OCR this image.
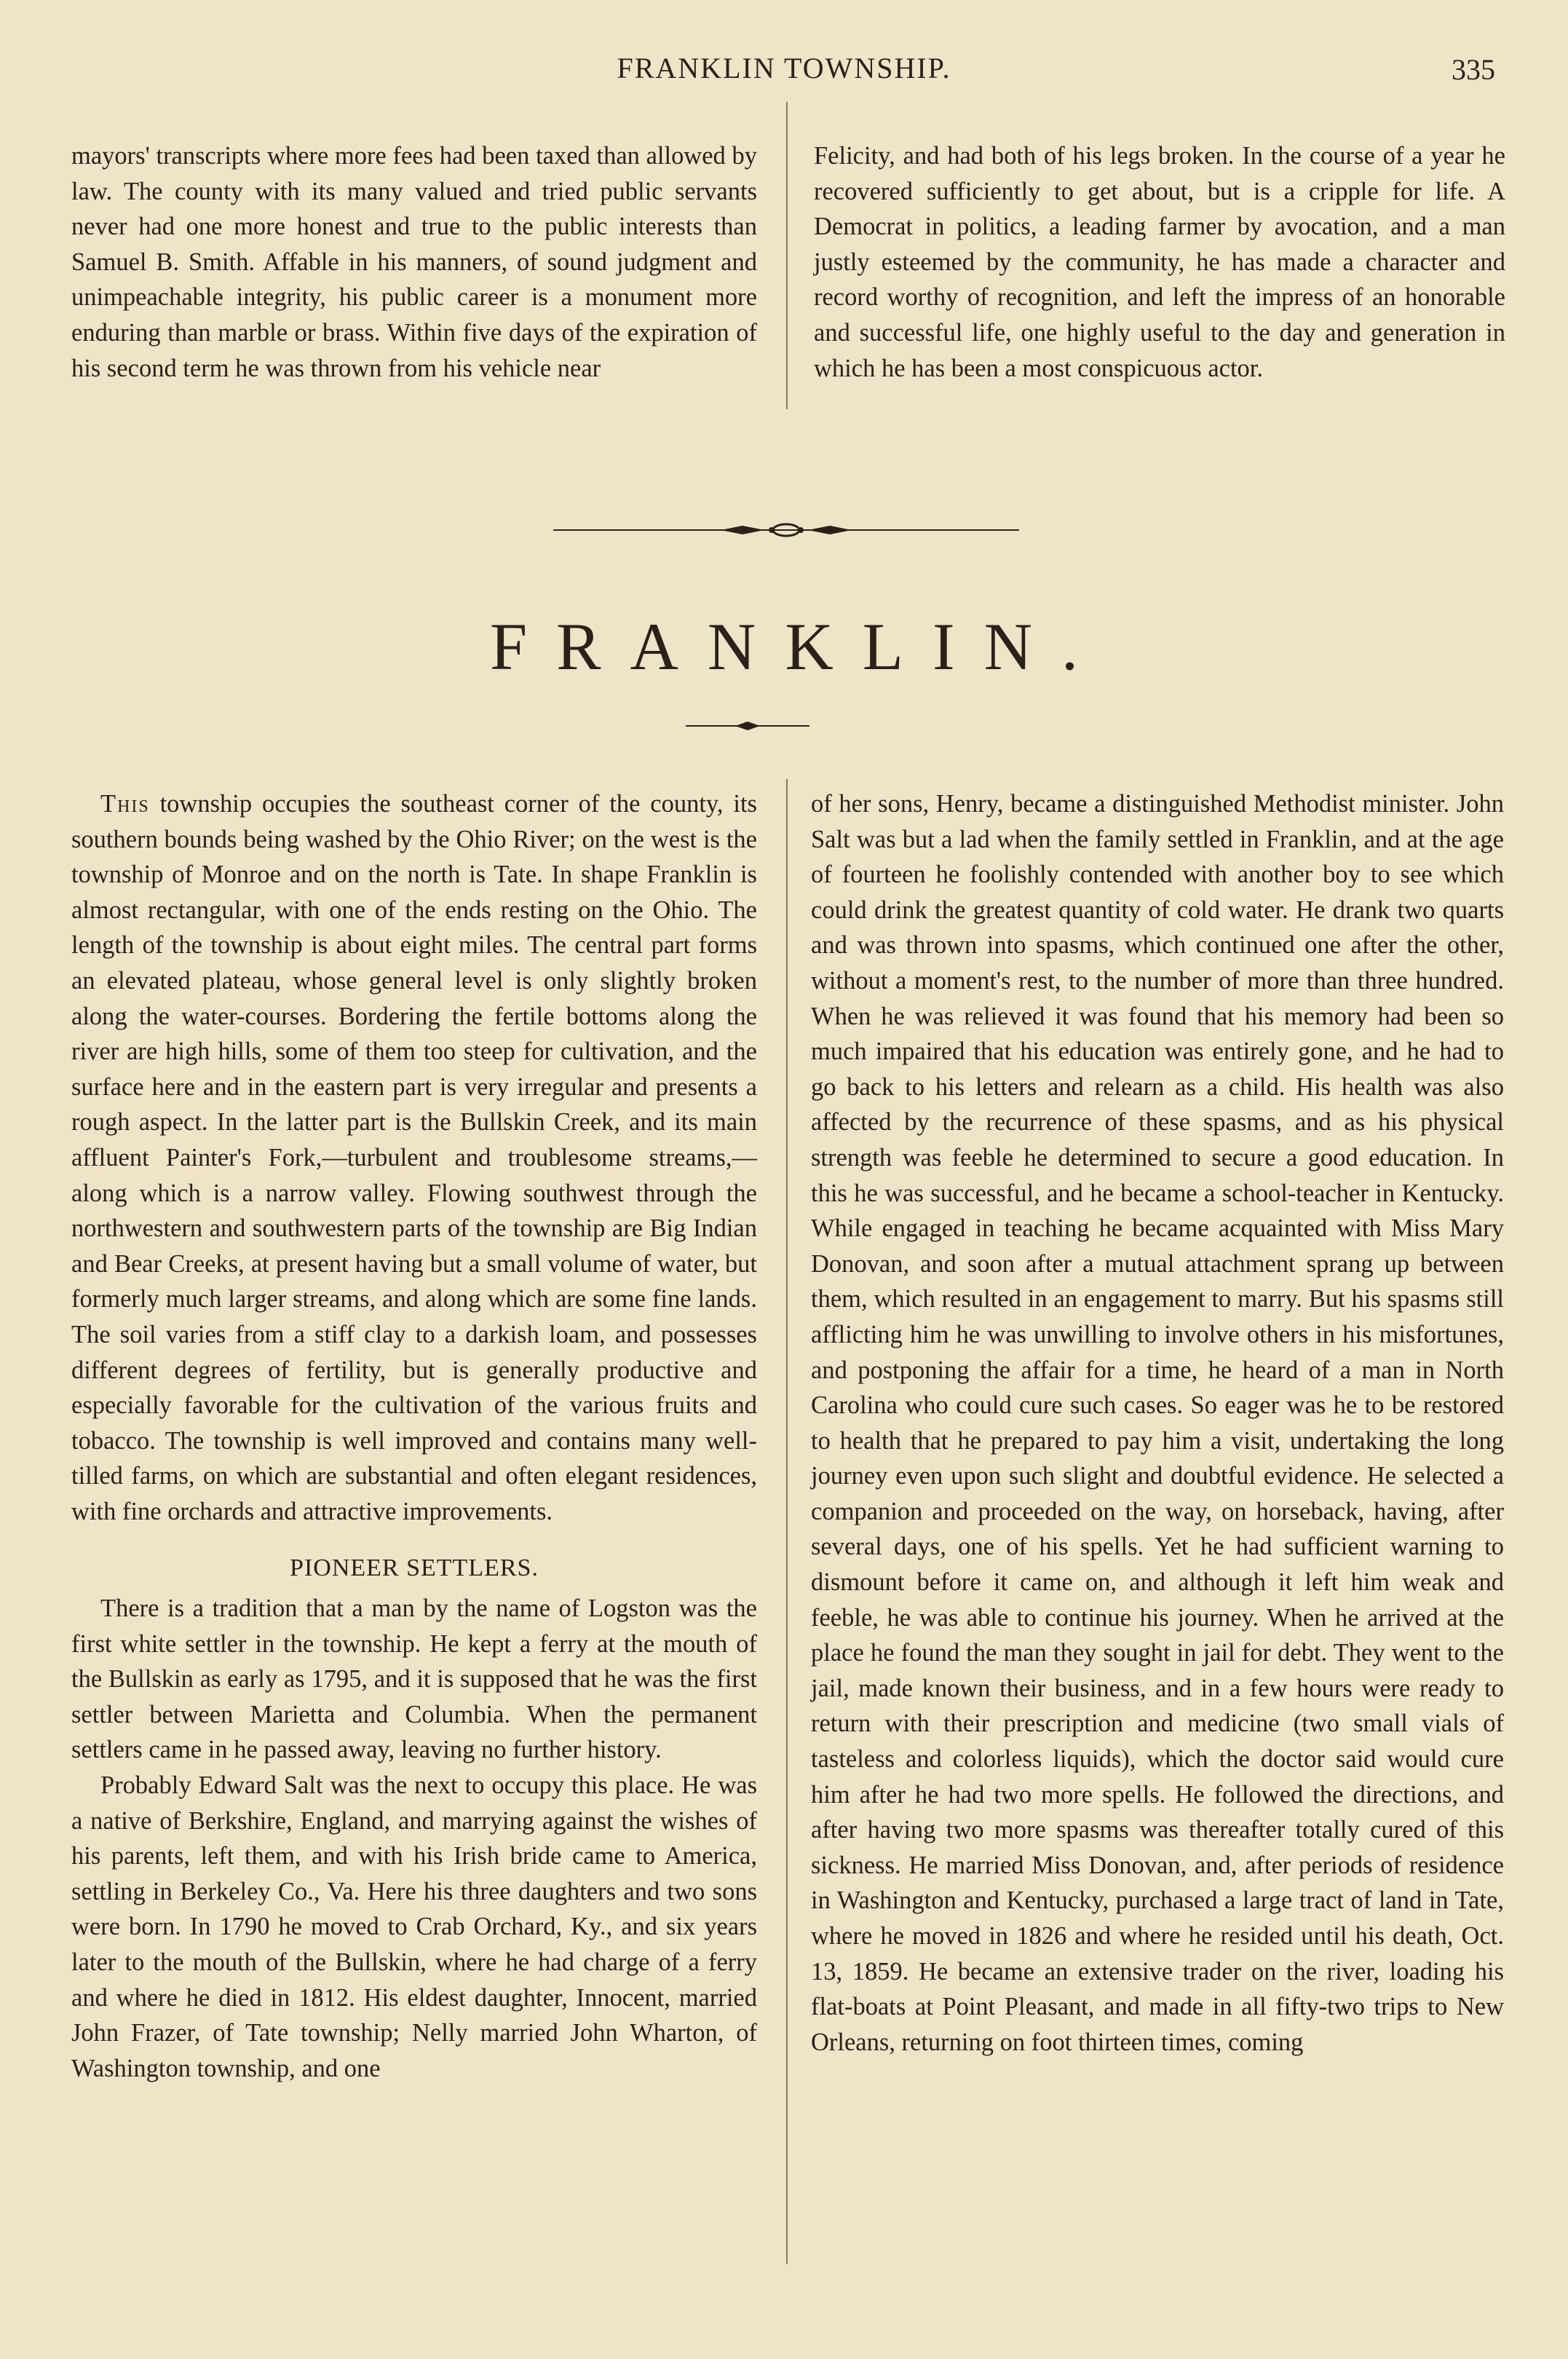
FRANKLIN TOWNSHIP.	335

mayors' transcripts where more fees had been taxed than allowed by law. The county with its many valued and tried public servants never had one more honest and true to the public interests than Samuel B. Smith. Affable in his manners, of sound judgment and unimpeachable integrity, his public career is a monument more enduring than marble or brass. Within five days of the expiration of his second term he was thrown from his vehicle near

Felicity, and had both of his legs broken. In the course of a year he recovered sufficiently to get about, but is a cripple for life. A Democrat in politics, a leading farmer by avocation, and a man justly esteemed by the community, he has made a character and record worthy of recognition, and left the impress of an honorable and successful life, one highly useful to the day and generation in which he has been a most conspicuous actor.

FRANKLIN.

This township occupies the southeast corner of the county, its southern bounds being washed by the Ohio River; on the west is the township of Monroe and on the north is Tate. In shape Franklin is almost rectangular, with one of the ends resting on the Ohio. The length of the township is about eight miles. The central part forms an elevated plateau, whose general level is only slightly broken along the water-courses. Bordering the fertile bottoms along the river are high hills, some of them too steep for cultivation, and the surface here and in the eastern part is very irregular and presents a rough aspect. In the latter part is the Bullskin Creek, and its main affluent Painter's Fork,—turbulent and troublesome streams,—along which is a narrow valley. Flowing southwest through the northwestern and southwestern parts of the township are Big Indian and Bear Creeks, at present having but a small volume of water, but formerly much larger streams, and along which are some fine lands. The soil varies from a stiff clay to a darkish loam, and possesses different degrees of fertility, but is generally productive and especially favorable for the cultivation of the various fruits and tobacco. The township is well improved and contains many well-tilled farms, on which are substantial and often elegant residences, with fine orchards and attractive improvements.

PIONEER SETTLERS.

There is a tradition that a man by the name of Logston was the first white settler in the township. He kept a ferry at the mouth of the Bullskin as early as 1795, and it is supposed that he was the first settler between Marietta and Columbia. When the permanent settlers came in he passed away, leaving no further history.

Probably Edward Salt was the next to occupy this place. He was a native of Berkshire, England, and marrying against the wishes of his parents, left them, and with his Irish bride came to America, settling in Berkeley Co., Va. Here his three daughters and two sons were born. In 1790 he moved to Crab Orchard, Ky., and six years later to the mouth of the Bullskin, where he had charge of a ferry and where he died in 1812. His eldest daughter, Innocent, married John Frazer, of Tate township; Nelly married John Wharton, of Washington township, and one

of her sons, Henry, became a distinguished Methodist minister. John Salt was but a lad when the family settled in Franklin, and at the age of fourteen he foolishly contended with another boy to see which could drink the greatest quantity of cold water. He drank two quarts and was thrown into spasms, which continued one after the other, without a moment's rest, to the number of more than three hundred. When he was relieved it was found that his memory had been so much impaired that his education was entirely gone, and he had to go back to his letters and relearn as a child. His health was also affected by the recurrence of these spasms, and as his physical strength was feeble he determined to secure a good education. In this he was successful, and he became a school-teacher in Kentucky. While engaged in teaching he became acquainted with Miss Mary Donovan, and soon after a mutual attachment sprang up between them, which resulted in an engagement to marry. But his spasms still afflicting him he was unwilling to involve others in his misfortunes, and postponing the affair for a time, he heard of a man in North Carolina who could cure such cases. So eager was he to be restored to health that he prepared to pay him a visit, undertaking the long journey even upon such slight and doubtful evidence. He selected a companion and proceeded on the way, on horseback, having, after several days, one of his spells. Yet he had sufficient warning to dismount before it came on, and although it left him weak and feeble, he was able to continue his journey. When he arrived at the place he found the man they sought in jail for debt. They went to the jail, made known their business, and in a few hours were ready to return with their prescription and medicine (two small vials of tasteless and colorless liquids), which the doctor said would cure him after he had two more spells. He followed the directions, and after having two more spasms was thereafter totally cured of this sickness. He married Miss Donovan, and, after periods of residence in Washington and Kentucky, purchased a large tract of land in Tate, where he moved in 1826 and where he resided until his death, Oct. 13, 1859. He became an extensive trader on the river, loading his flat-boats at Point Pleasant, and made in all fifty-two trips to New Orleans, returning on foot thirteen times, coming
